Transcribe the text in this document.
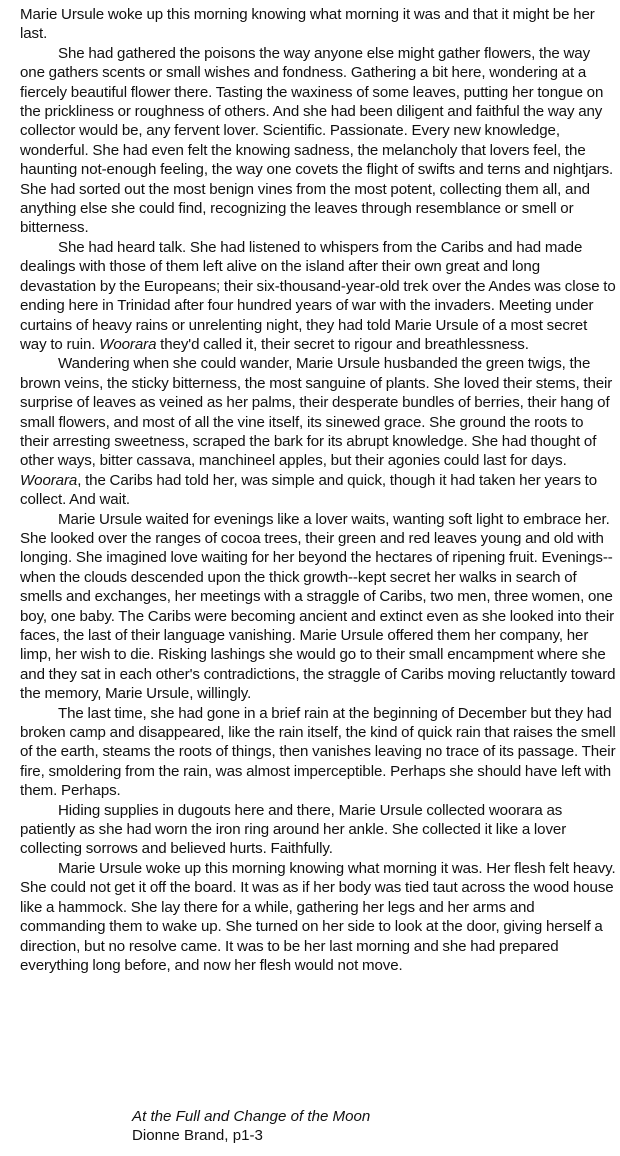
Marie Ursule woke up this morning knowing what morning it was and that it might be her last.

She had gathered the poisons the way anyone else might gather flowers, the way one gathers scents or small wishes and fondness. Gathering a bit here, wondering at a fiercely beautiful flower there. Tasting the waxiness of some leaves, putting her tongue on the prickliness or roughness of others. And she had been diligent and faithful the way any collector would be, any fervent lover. Scientific. Passionate. Every new knowledge, wonderful. She had even felt the knowing sadness, the melancholy that lovers feel, the haunting not-enough feeling, the way one covets the flight of swifts and terns and nightjars. She had sorted out the most benign vines from the most potent, collecting them all, and anything else she could find, recognizing the leaves through resemblance or smell or bitterness.

She had heard talk. She had listened to whispers from the Caribs and had made dealings with those of them left alive on the island after their own great and long devastation by the Europeans; their six-thousand-year-old trek over the Andes was close to ending here in Trinidad after four hundred years of war with the invaders. Meeting under curtains of heavy rains or unrelenting night, they had told Marie Ursule of a most secret way to ruin. Woorara they'd called it, their secret to rigour and breathlessness.

Wandering when she could wander, Marie Ursule husbanded the green twigs, the brown veins, the sticky bitterness, the most sanguine of plants. She loved their stems, their surprise of leaves as veined as her palms, their desperate bundles of berries, their hang of small flowers, and most of all the vine itself, its sinewed grace. She ground the roots to their arresting sweetness, scraped the bark for its abrupt knowledge. She had thought of other ways, bitter cassava, manchineel apples, but their agonies could last for days. Woorara, the Caribs had told her, was simple and quick, though it had taken her years to collect. And wait.

Marie Ursule waited for evenings like a lover waits, wanting soft light to embrace her. She looked over the ranges of cocoa trees, their green and red leaves young and old with longing. She imagined love waiting for her beyond the hectares of ripening fruit. Evenings--when the clouds descended upon the thick growth--kept secret her walks in search of smells and exchanges, her meetings with a straggle of Caribs, two men, three women, one boy, one baby. The Caribs were becoming ancient and extinct even as she looked into their faces, the last of their language vanishing. Marie Ursule offered them her company, her limp, her wish to die. Risking lashings she would go to their small encampment where she and they sat in each other's contradictions, the straggle of Caribs moving reluctantly toward the memory, Marie Ursule, willingly.

The last time, she had gone in a brief rain at the beginning of December but they had broken camp and disappeared, like the rain itself, the kind of quick rain that raises the smell of the earth, steams the roots of things, then vanishes leaving no trace of its passage. Their fire, smoldering from the rain, was almost imperceptible. Perhaps she should have left with them. Perhaps.

Hiding supplies in dugouts here and there, Marie Ursule collected woorara as patiently as she had worn the iron ring around her ankle. She collected it like a lover collecting sorrows and believed hurts. Faithfully.

Marie Ursule woke up this morning knowing what morning it was. Her flesh felt heavy. She could not get it off the board. It was as if her body was tied taut across the wood house like a hammock. She lay there for a while, gathering her legs and her arms and commanding them to wake up. She turned on her side to look at the door, giving herself a direction, but no resolve came. It was to be her last morning and she had prepared everything long before, and now her flesh would not move.

At the Full and Change of the Moon
Dionne Brand, p1-3
